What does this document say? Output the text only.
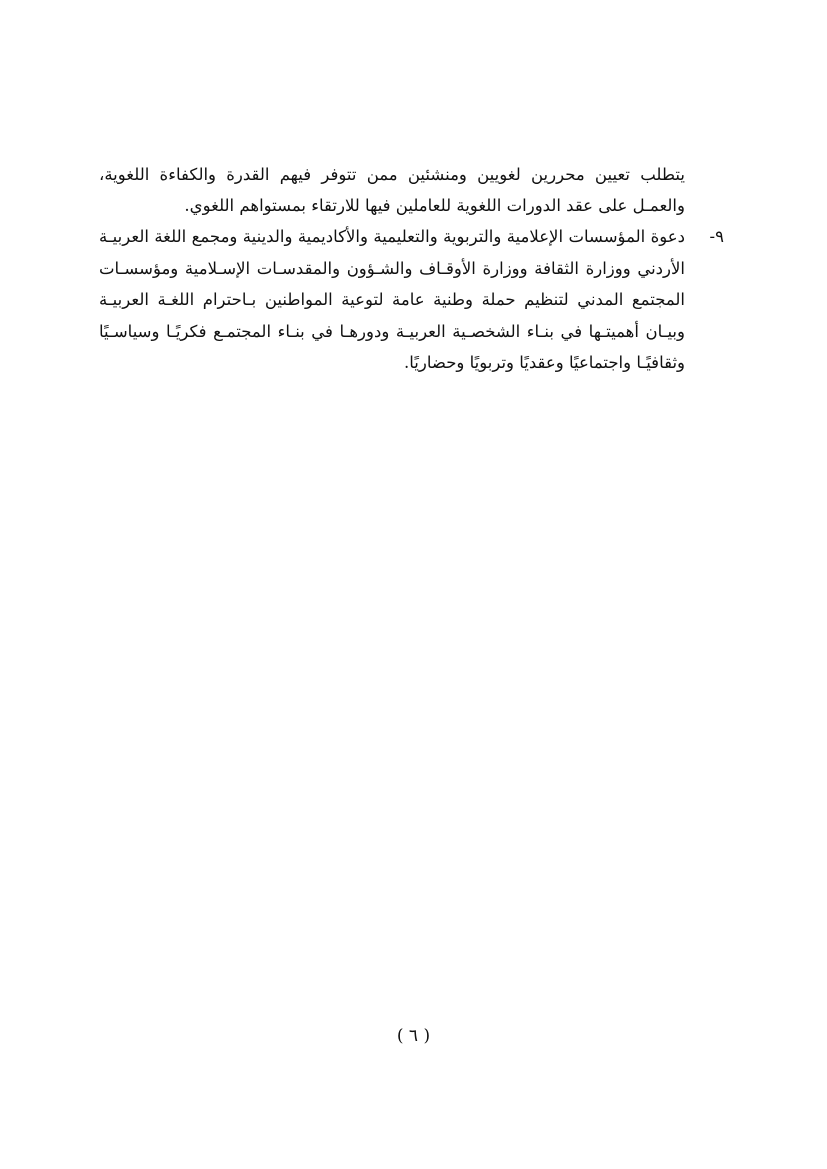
يتطلب تعيين محررين لغويين ومنشئين ممن تتوفر فيهم القدرة والكفاءة اللغوية، والعمـل على عقد الدورات اللغوية للعاملين فيها للارتقاء بمستواهم اللغوي.

٩-

دعوة المؤسسات الإعلامية والتربوية والتعليمية والأكاديمية والدينية ومجمع اللغة العربيـة الأردني ووزارة الثقافة ووزارة الأوقـاف والشـؤون والمقدسـات الإسـلامية ومؤسسـات المجتمع المدني لتنظيم حملة وطنية عامة لتوعية المواطنين بـاحترام اللغـة العربيـة وبيـان أهميتـها في بنـاء الشخصـية العربيـة ودورهـا في بنـاء المجتمـع فكريًـا وسياسـيًا وثقافيًـا واجتماعيًا وعقديًا وتربويًا وحضاريًا.

( ٦ )
